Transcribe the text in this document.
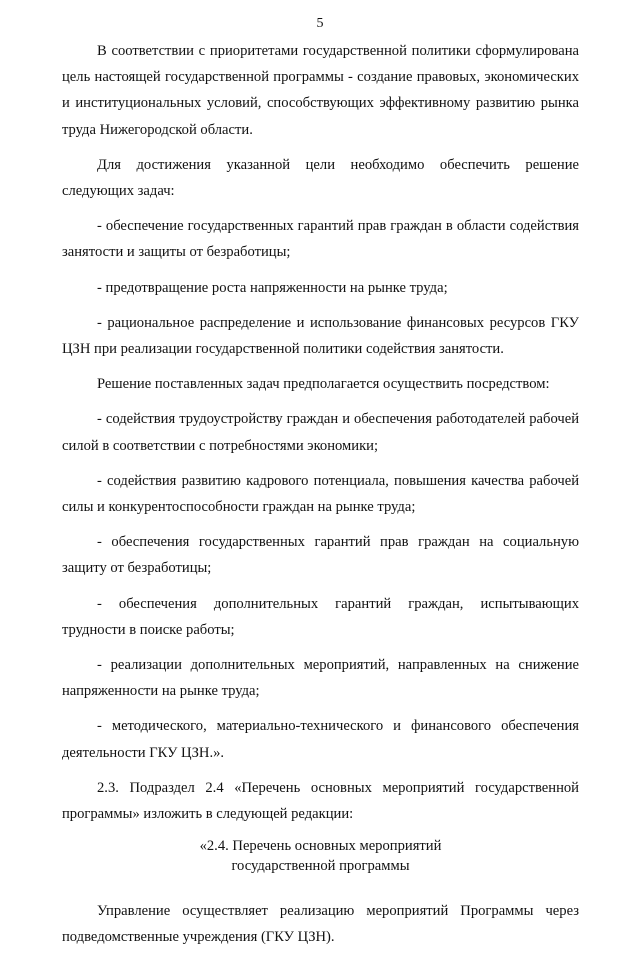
5

В соответствии с приоритетами государственной политики сформулирована цель настоящей государственной программы - создание правовых, экономических и институциональных условий, способствующих эффективному развитию рынка труда Нижегородской области.

Для достижения указанной цели необходимо обеспечить решение следующих задач:

- обеспечение государственных гарантий прав граждан в области содействия занятости и защиты от безработицы;

- предотвращение роста напряженности на рынке труда;

- рациональное распределение и использование финансовых ресурсов ГКУ ЦЗН при реализации государственной политики содействия занятости.

Решение поставленных задач предполагается осуществить посредством:

- содействия трудоустройству граждан и обеспечения работодателей рабочей силой в соответствии с потребностями экономики;

- содействия развитию кадрового потенциала, повышения качества рабочей силы и конкурентоспособности граждан на рынке труда;

- обеспечения государственных гарантий прав граждан на социальную защиту от безработицы;

- обеспечения дополнительных гарантий граждан, испытывающих трудности в поиске работы;

- реализации дополнительных мероприятий, направленных на снижение напряженности на рынке труда;

- методического, материально-технического и финансового обеспечения деятельности ГКУ ЦЗН.».

2.3. Подраздел 2.4 «Перечень основных мероприятий государственной программы» изложить в следующей редакции:

«2.4. Перечень основных мероприятий
государственной программы

Управление осуществляет реализацию мероприятий Программы через подведомственные учреждения (ГКУ ЦЗН).
